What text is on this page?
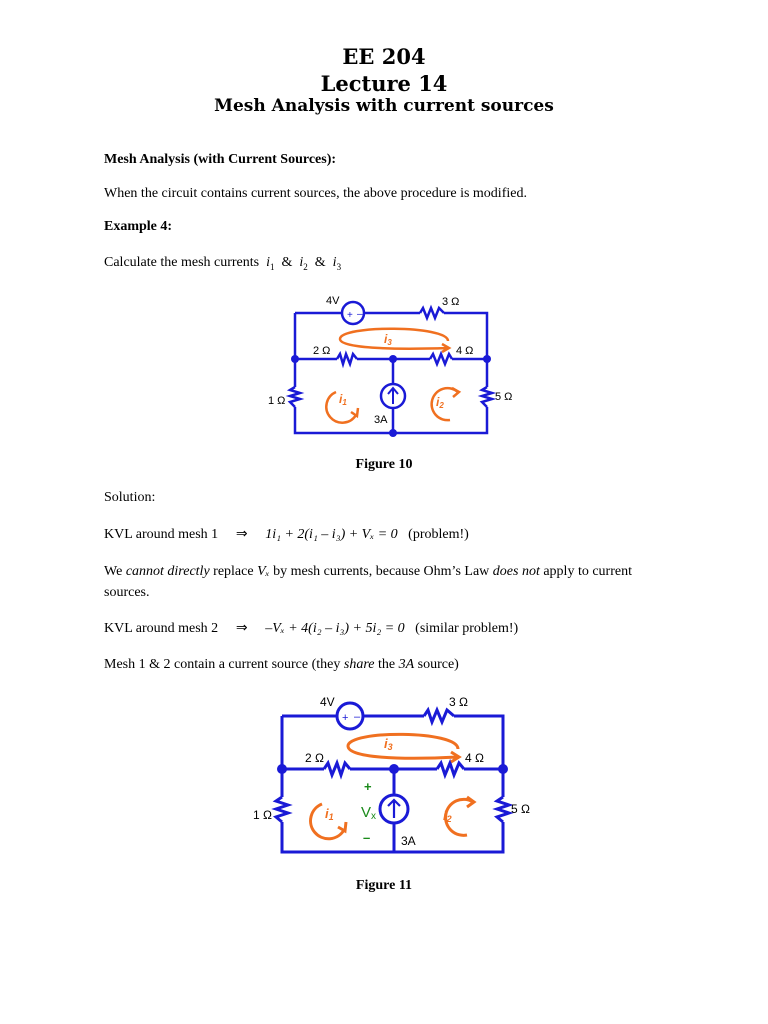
EE 204
Lecture 14
Mesh Analysis with current sources
Mesh Analysis (with Current Sources):
When the circuit contains current sources, the above procedure is modified.
Example 4:
Calculate the mesh currents $i_1$ & $i_2$ & $i_3$
+ –
4V	3 Ω
2 Ω	4 Ω
1 Ω	5 Ω
3A
i3
i1	i2
Figure 10
Solution:
KVL around mesh 1 ⇒ 1i₁ + 2(i₁ – i₃) + Vₓ = 0 (problem!)
We cannot directly replace Vₓ by mesh currents, because Ohm’s Law does not apply to current
sources.
KVL around mesh 2 ⇒ –Vₓ + 4(i₂ – i₃) + 5i₂ = 0 (similar problem!)
Mesh 1 & 2 contain a current source (they share the 3A source)
+ –
4V	3 Ω
2 Ω	4 Ω
1 Ω	5 Ω
3A
+
–
Vx
i3
i1	i2
Figure 11
